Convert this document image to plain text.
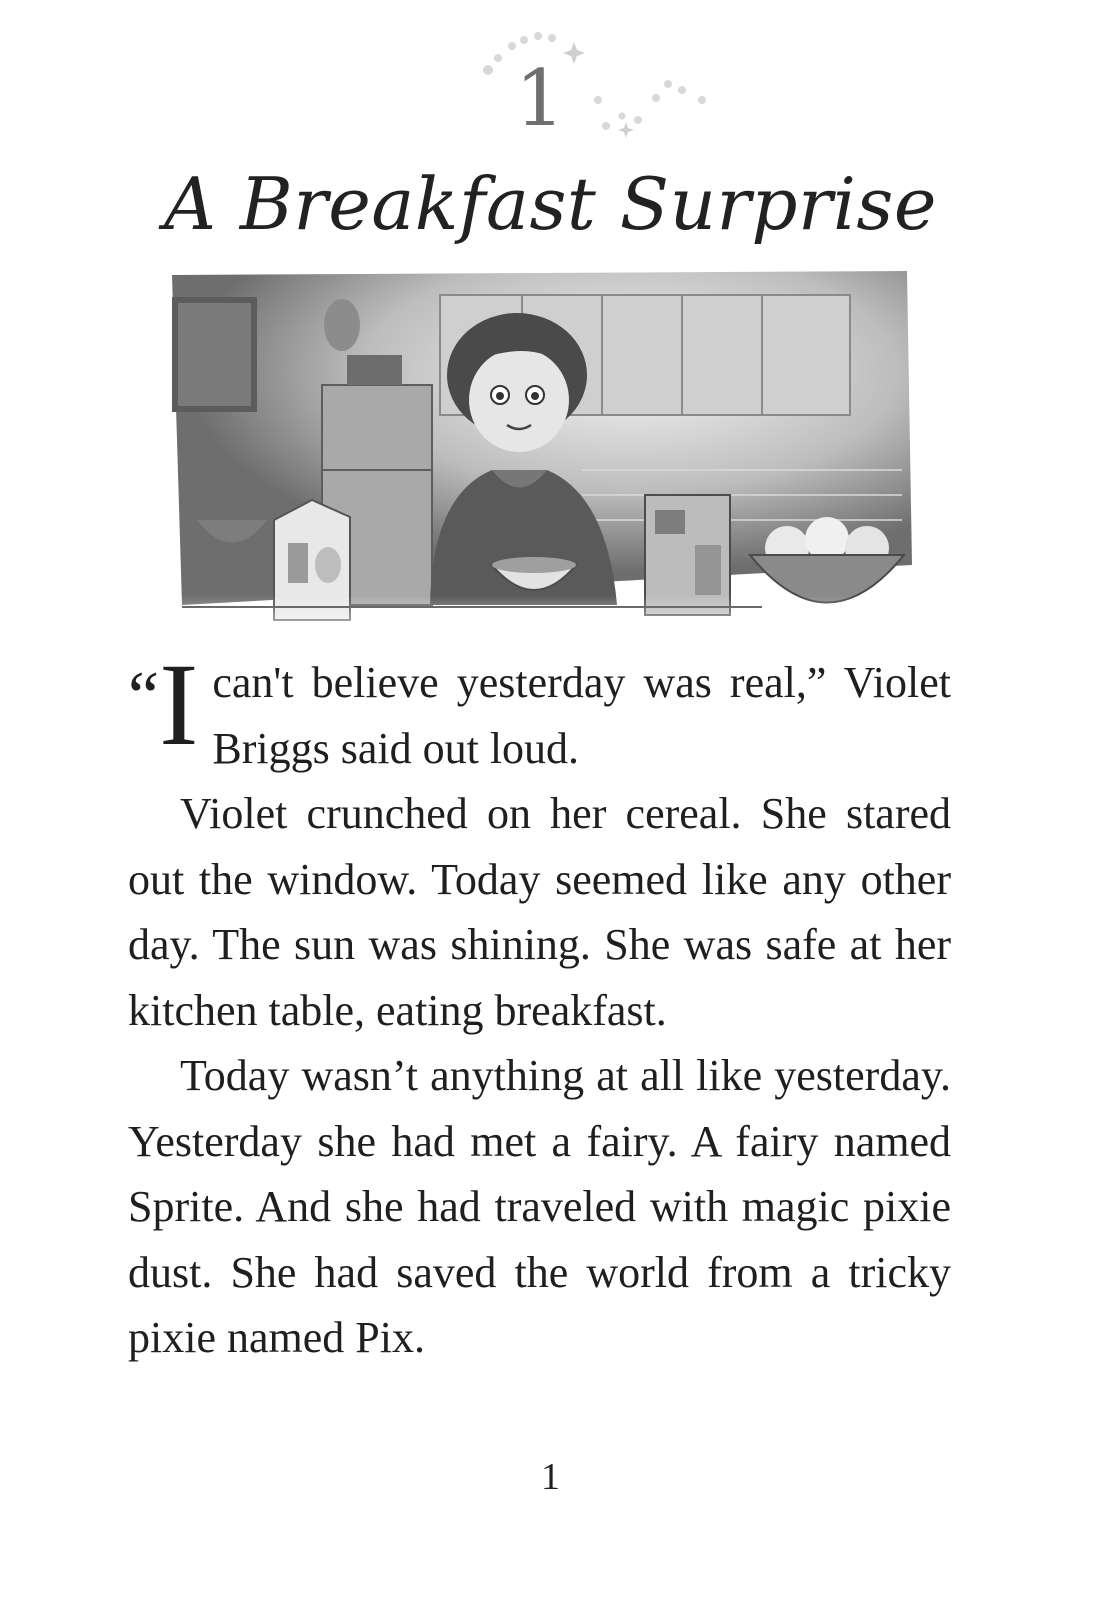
1
A Breakfast Surprise

“I can't believe yesterday was real,” Violet Briggs said out loud.

Violet crunched on her cereal. She stared out the window. Today seemed like any other day. The sun was shining. She was safe at her kitchen table, eating breakfast.

Today wasn’t anything at all like yesterday. Yesterday she had met a fairy. A fairy named Sprite. And she had traveled with magic pixie dust. She had saved the world from a tricky pixie named Pix.

1
